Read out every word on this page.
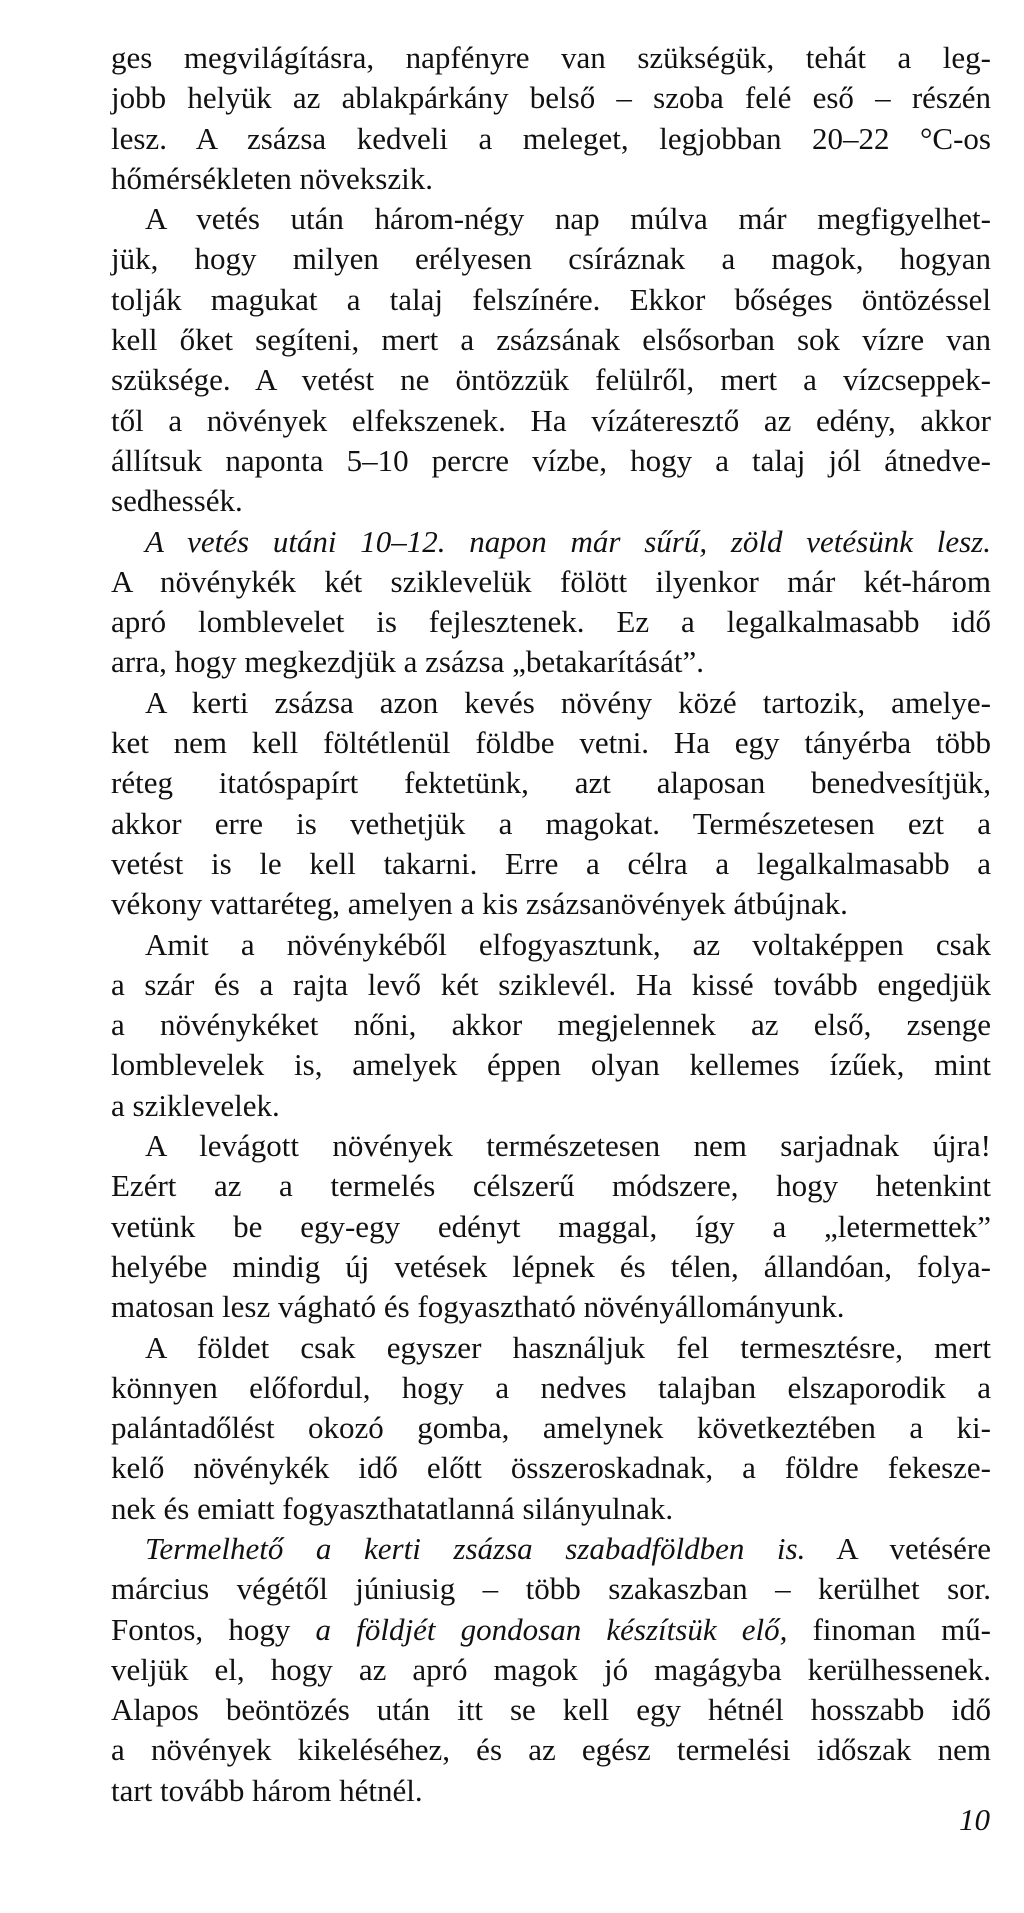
ges megvilágításra, napfényre van szükségük, tehát a leg-
jobb helyük az ablakpárkány belső – szoba felé eső – részén
lesz. A zsázsa kedveli a meleget, legjobban 20–22 °C-os
hőmérsékleten növekszik.
A vetés után három-négy nap múlva már megfigyelhet-
jük, hogy milyen erélyesen csíráznak a magok, hogyan
tolják magukat a talaj felszínére. Ekkor bőséges öntözéssel
kell őket segíteni, mert a zsázsának elsősorban sok vízre van
szüksége. A vetést ne öntözzük felülről, mert a vízcseppek-
től a növények elfekszenek. Ha vízáteresztő az edény, akkor
állítsuk naponta 5–10 percre vízbe, hogy a talaj jól átnedve-
sedhessék.
A vetés utáni 10–12. napon már sűrű, zöld vetésünk lesz.
A növénykék két sziklevelük fölött ilyenkor már két-három
apró lomblevelet is fejlesztenek. Ez a legalkalmasabb idő
arra, hogy megkezdjük a zsázsa „betakarítását”.
A kerti zsázsa azon kevés növény közé tartozik, amelye-
ket nem kell föltétlenül földbe vetni. Ha egy tányérba több
réteg itatóspapírt fektetünk, azt alaposan benedvesítjük,
akkor erre is vethetjük a magokat. Természetesen ezt a
vetést is le kell takarni. Erre a célra a legalkalmasabb a
vékony vattaréteg, amelyen a kis zsázsanövények átbújnak.
Amit a növénykéből elfogyasztunk, az voltaképpen csak
a szár és a rajta levő két sziklevél. Ha kissé tovább engedjük
a növénykéket nőni, akkor megjelennek az első, zsenge
lomblevelek is, amelyek éppen olyan kellemes ízűek, mint
a sziklevelek.
A levágott növények természetesen nem sarjadnak újra!
Ezért az a termelés célszerű módszere, hogy hetenkint
vetünk be egy-egy edényt maggal, így a „letermettek”
helyébe mindig új vetések lépnek és télen, állandóan, folya-
matosan lesz vágható és fogyasztható növényállományunk.
A földet csak egyszer használjuk fel termesztésre, mert
könnyen előfordul, hogy a nedves talajban elszaporodik a
palántadőlést okozó gomba, amelynek következtében a ki-
kelő növénykék idő előtt összeroskadnak, a földre fekesze-
nek és emiatt fogyaszthatatlanná silányulnak.
Termelhető a kerti zsázsa szabadföldben is. A vetésére
március végétől júniusig – több szakaszban – kerülhet sor.
Fontos, hogy a földjét gondosan készítsük elő, finoman mű-
veljük el, hogy az apró magok jó magágyba kerülhessenek.
Alapos beöntözés után itt se kell egy hétnél hosszabb idő
a növények kikeléséhez, és az egész termelési időszak nem
tart tovább három hétnél.
10
